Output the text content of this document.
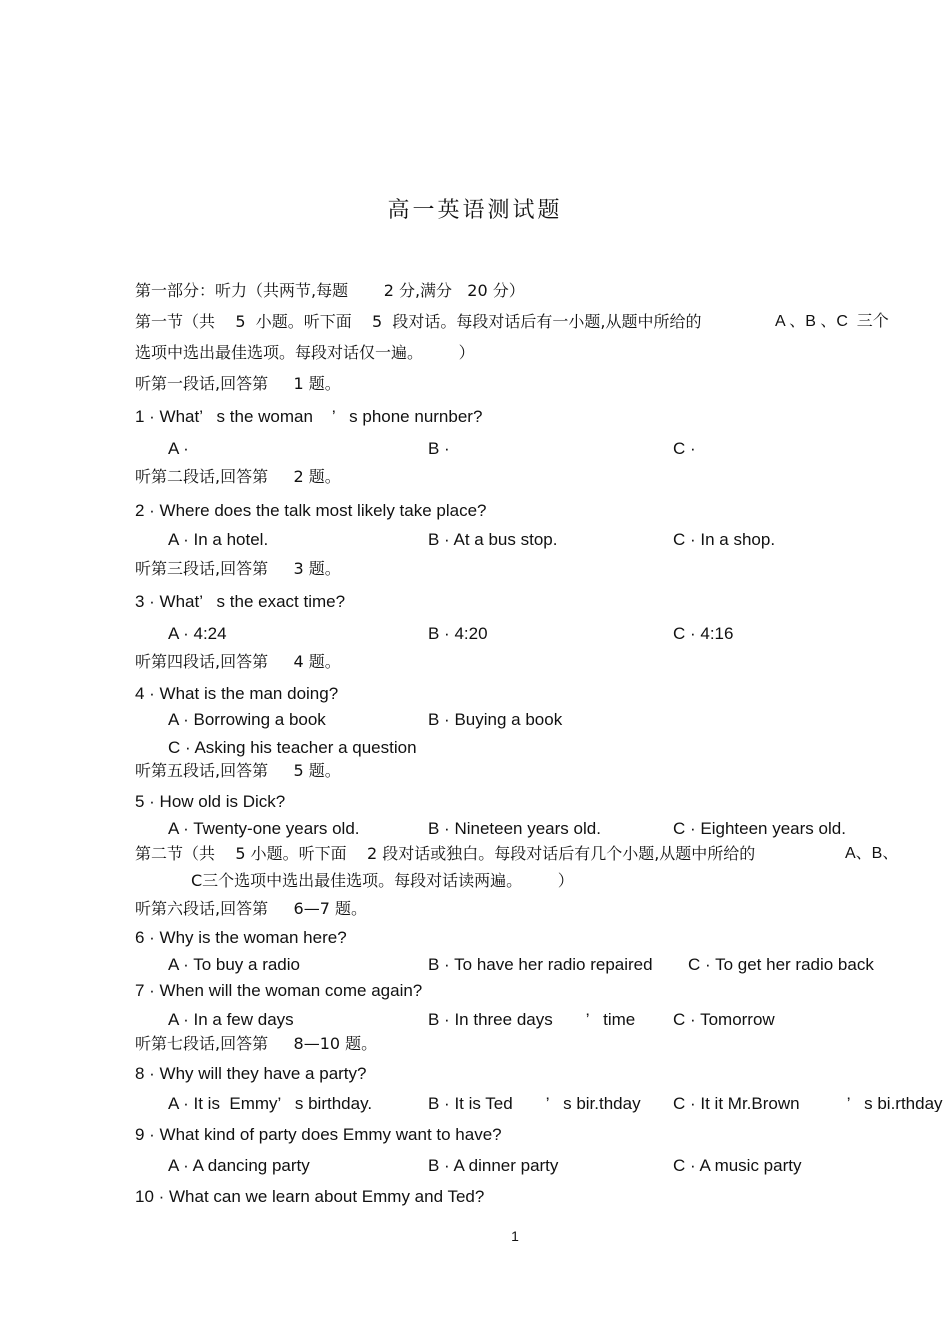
高一英语测试题
第一部分：听力（共两节,每题       2 分,满分   20 分）
第一节（共    5  小题。听下面    5  段对话。每段对话后有一小题,从题中所给的	A 、B 、C  三个
选项中选出最佳选项。每段对话仅一遍。       ）
听第一段话,回答第     1 题。
1 · What’   s the woman    ’   s phone nurnber?
A ·	B ·	C ·
听第二段话,回答第     2 题。
2 · Where does the talk most likely take place?
A · In a hotel.	B · At a bus stop.	C · In a shop.
听第三段话,回答第     3 题。
3 · What’   s the exact time?
A · 4:24	B · 4:20	C · 4:16
听第四段话,回答第     4 题。
4 · What is the man doing?
A · Borrowing a book	B · Buying a book
C · Asking his teacher a question
听第五段话,回答第     5 题。
5 · How old is Dick?
A · Twenty-one years old.	B · Nineteen years old.	C · Eighteen years old.
第二节（共    5 小题。听下面    2 段对话或独白。每段对话后有几个小题,从题中所给的	A、B、
C三个选项中选出最佳选项。每段对话读两遍。       ）
听第六段话,回答第     6—7 题。
6 · Why is the woman here?
A · To buy a radio	B · To have her radio repaired C · To get her radio back
7 · When will the woman come again?
A · In a few days	B · In three days       ’   time C · Tomorrow
听第七段话,回答第     8—10 题。
8 · Why will they have a party?
A · It is  Emmy’   s birthday.	B · It is Ted       ’   s bir.thday C · It it Mr.Brown          ’   s bi.rthday
9 · What kind of party does Emmy want to have?
A · A dancing party	B · A dinner party	C · A music party
10 · What can we learn about Emmy and Ted?
1
